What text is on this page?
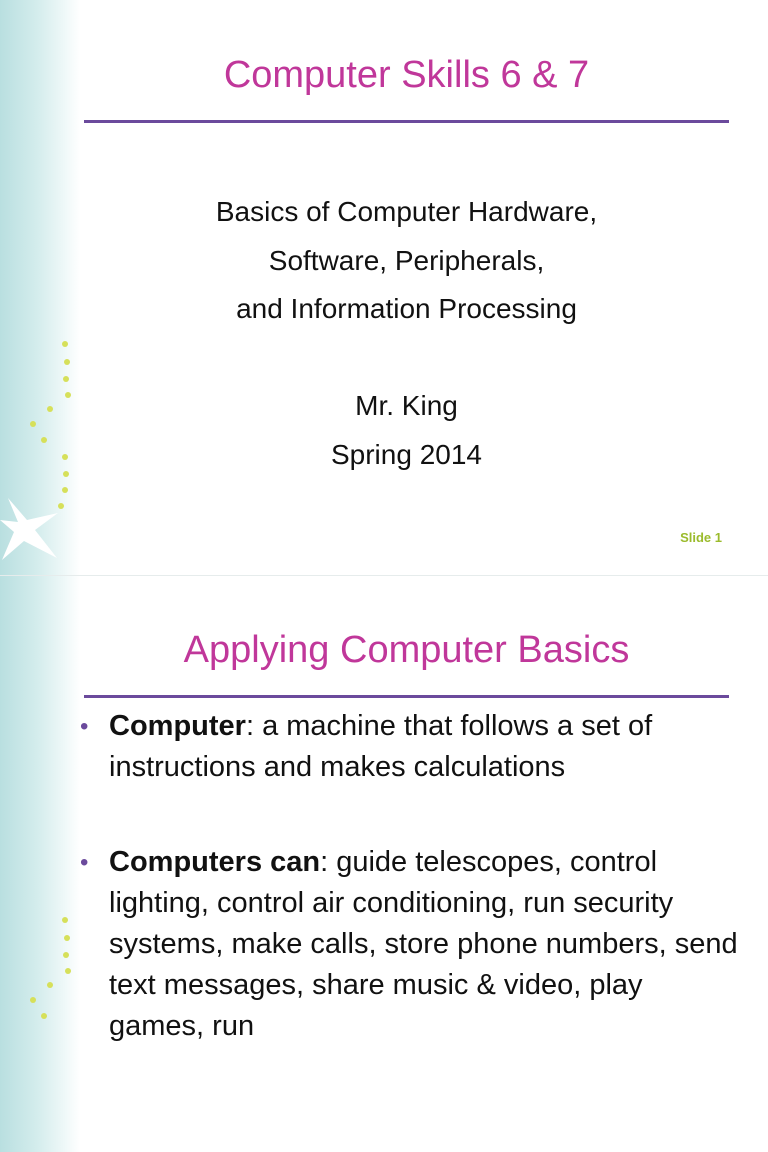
Computer Skills 6 & 7
Basics of Computer Hardware,
Software, Peripherals,
and Information Processing
Mr. King
Spring 2014
Slide 1
Applying Computer Basics
• Computer: a machine that follows a set of instructions and makes calculations
• Computers can: guide telescopes, control lighting, control air conditioning, run security systems, make calls, store phone numbers, send text messages, share music & video, play games, run
